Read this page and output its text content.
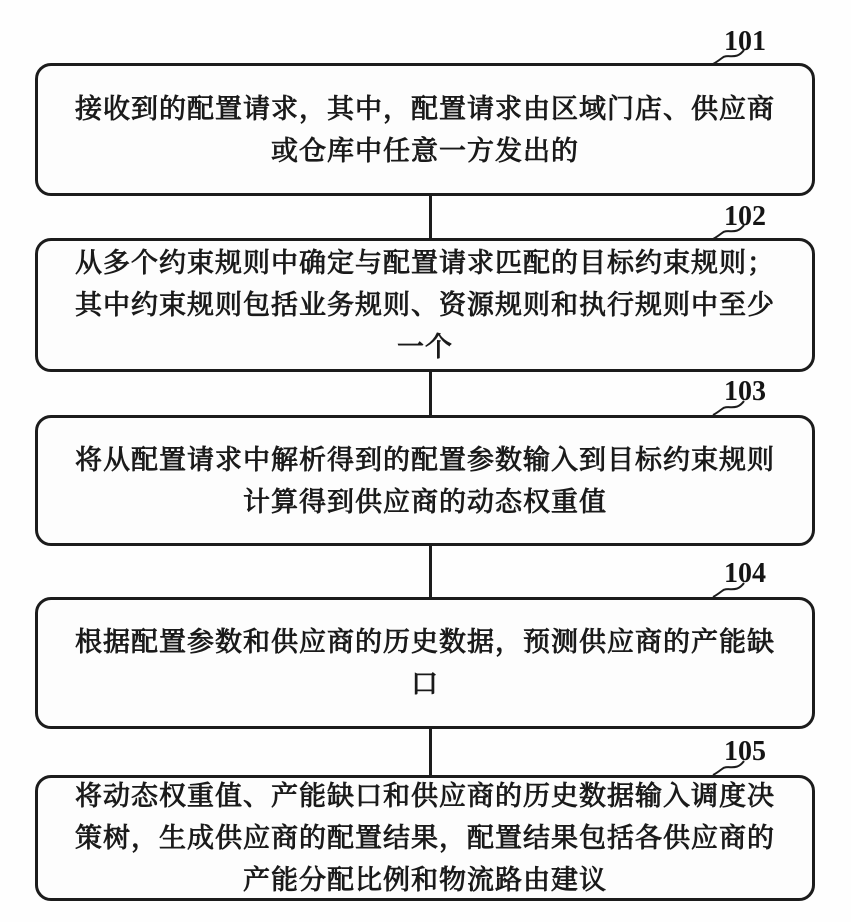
101
接收到的配置请求，其中，配置请求由区域门店、供应商
或仓库中任意一方发出的
102
从多个约束规则中确定与配置请求匹配的目标约束规则；
其中约束规则包括业务规则、资源规则和执行规则中至少
一个
103
将从配置请求中解析得到的配置参数输入到目标约束规则
计算得到供应商的动态权重值
104
根据配置参数和供应商的历史数据，预测供应商的产能缺
口
105
将动态权重值、产能缺口和供应商的历史数据输入调度决
策树，生成供应商的配置结果，配置结果包括各供应商的
产能分配比例和物流路由建议
